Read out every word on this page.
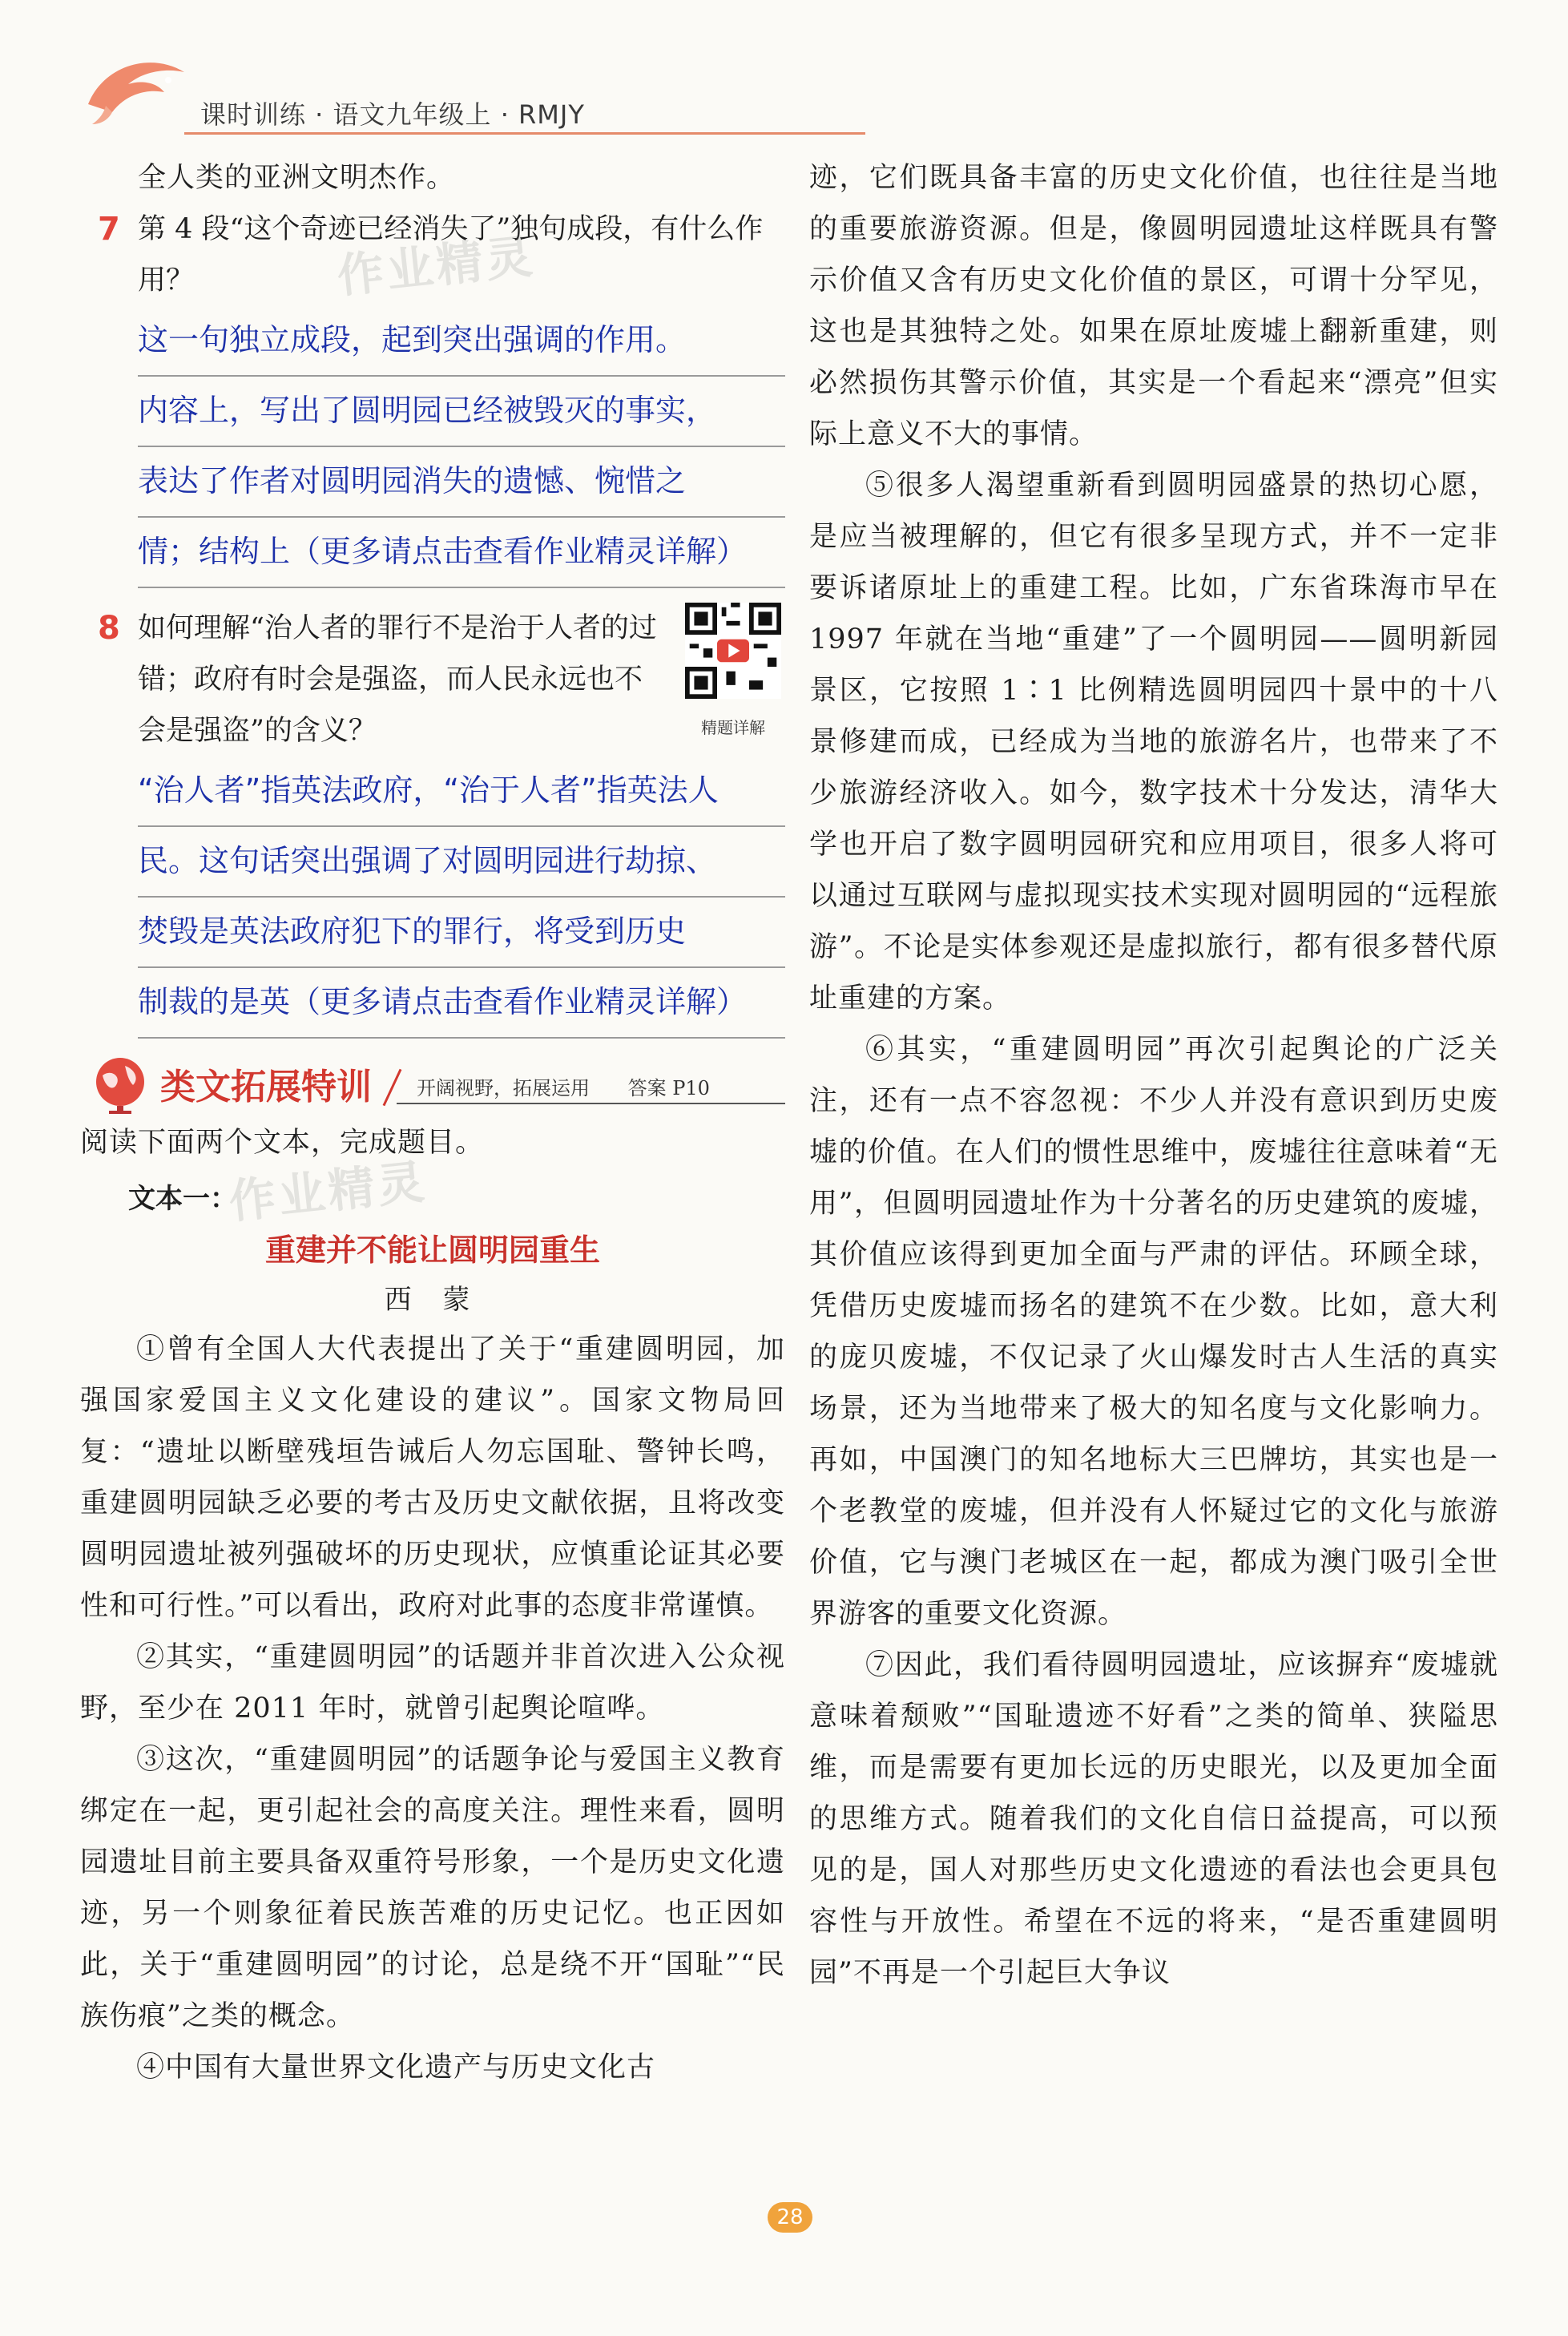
课时训练 · 语文九年级上 · RMJY

全人类的亚洲文明杰作。

7 第 4 段“这个奇迹已经消失了”独句成段，有什么作用？
这一句独立成段，起到突出强调的作用。
内容上，写出了圆明园已经被毁灭的事实，
表达了作者对圆明园消失的遗憾、惋惜之
情；结构上（更多请点击查看作业精灵详解）
8 如何理解“治人者的罪行不是治于人者的过错；政府有时会是强盗，而人民永远也不会是强盗”的含义？	精题详解
“治人者”指英法政府，“治于人者”指英法人
民。这句话突出强调了对圆明园进行劫掠、
焚毁是英法政府犯下的罪行，将受到历史
制裁的是英（更多请点击查看作业精灵详解）
类文拓展特训 开阔视野，拓展运用 答案 P10

阅读下面两个文本，完成题目。

文本一：
重建并不能让圆明园重生
西 蒙

①曾有全国人大代表提出了关于“重建圆明园，加强国家爱国主义文化建设的建议”。国家文物局回复：“遗址以断壁残垣告诫后人勿忘国耻、警钟长鸣，重建圆明园缺乏必要的考古及历史文献依据，且将改变圆明园遗址被列强破坏的历史现状，应慎重论证其必要性和可行性。”可以看出，政府对此事的态度非常谨慎。

②其实，“重建圆明园”的话题并非首次进入公众视野，至少在 2011 年时，就曾引起舆论喧哗。

③这次，“重建圆明园”的话题争论与爱国主义教育绑定在一起，更引起社会的高度关注。理性来看，圆明园遗址目前主要具备双重符号形象，一个是历史文化遗迹，另一个则象征着民族苦难的历史记忆。也正因如此，关于“重建圆明园”的讨论，总是绕不开“国耻”“民族伤痕”之类的概念。

④中国有大量世界文化遗产与历史文化古

迹，它们既具备丰富的历史文化价值，也往往是当地的重要旅游资源。但是，像圆明园遗址这样既具有警示价值又含有历史文化价值的景区，可谓十分罕见，这也是其独特之处。如果在原址废墟上翻新重建，则必然损伤其警示价值，其实是一个看起来“漂亮”但实际上意义不大的事情。

⑤很多人渴望重新看到圆明园盛景的热切心愿，是应当被理解的，但它有很多呈现方式，并不一定非要诉诸原址上的重建工程。比如，广东省珠海市早在 1997 年就在当地“重建”了一个圆明园——圆明新园景区，它按照 1∶1 比例精选圆明园四十景中的十八景修建而成，已经成为当地的旅游名片，也带来了不少旅游经济收入。如今，数字技术十分发达，清华大学也开启了数字圆明园研究和应用项目，很多人将可以通过互联网与虚拟现实技术实现对圆明园的“远程旅游”。不论是实体参观还是虚拟旅行，都有很多替代原址重建的方案。

⑥其实，“重建圆明园”再次引起舆论的广泛关注，还有一点不容忽视：不少人并没有意识到历史废墟的价值。在人们的惯性思维中，废墟往往意味着“无用”，但圆明园遗址作为十分著名的历史建筑的废墟，其价值应该得到更加全面与严肃的评估。环顾全球，凭借历史废墟而扬名的建筑不在少数。比如，意大利的庞贝废墟，不仅记录了火山爆发时古人生活的真实场景，还为当地带来了极大的知名度与文化影响力。再如，中国澳门的知名地标大三巴牌坊，其实也是一个老教堂的废墟，但并没有人怀疑过它的文化与旅游价值，它与澳门老城区在一起，都成为澳门吸引全世界游客的重要文化资源。

⑦因此，我们看待圆明园遗址，应该摒弃“废墟就意味着颓败”“国耻遗迹不好看”之类的简单、狭隘思维，而是需要有更加长远的历史眼光，以及更加全面的思维方式。随着我们的文化自信日益提高，可以预见的是，国人对那些历史文化遗迹的看法也会更具包容性与开放性。希望在不远的将来，“是否重建圆明园”不再是一个引起巨大争议

作业精灵
作业精灵
28
